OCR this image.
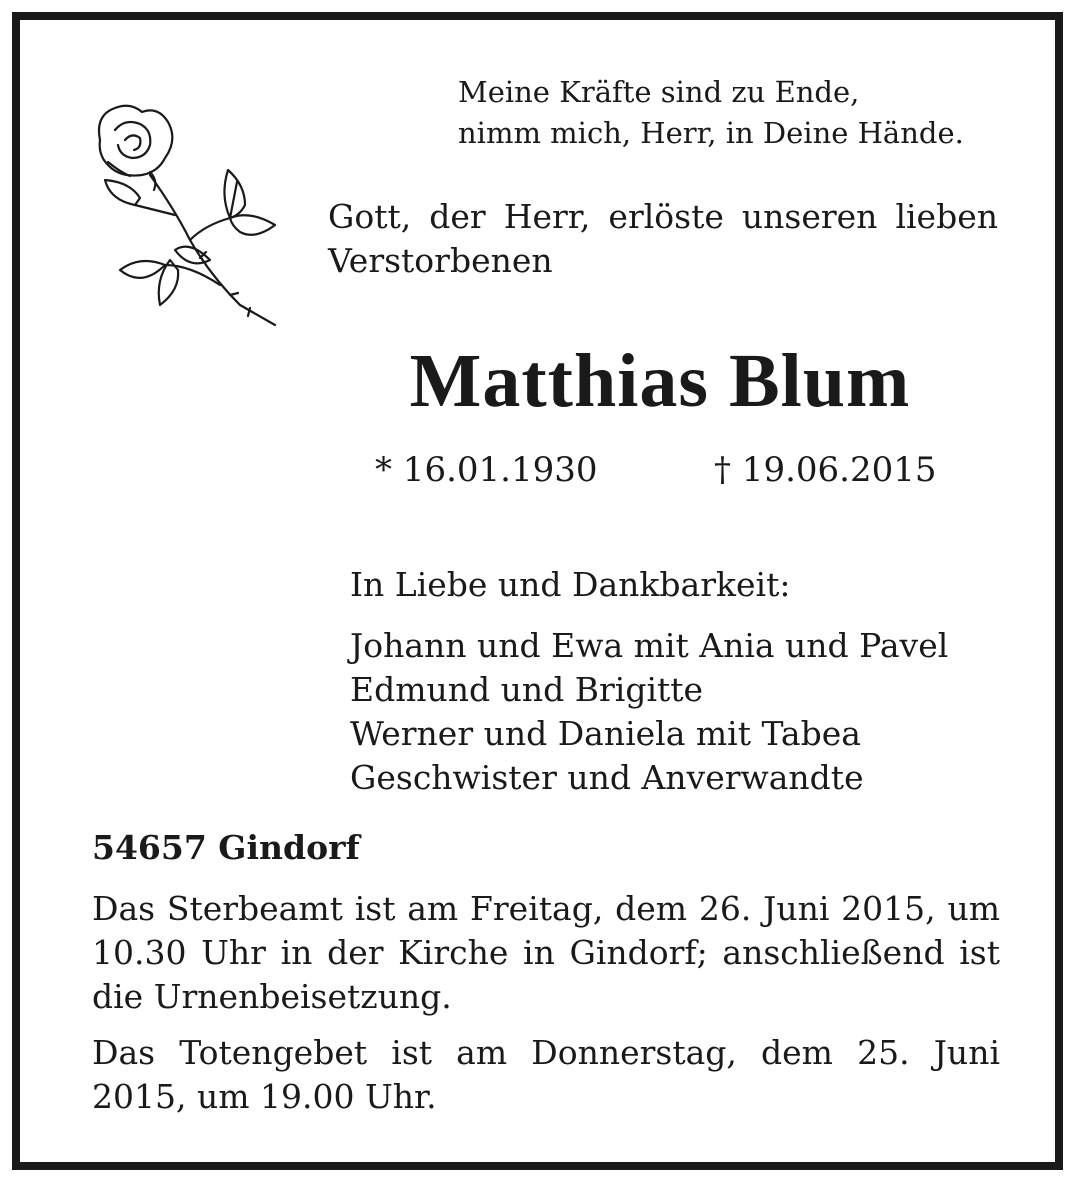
Meine Kräfte sind zu Ende,
nimm mich, Herr, in Deine Hände.
Gott, der Herr, erlöste unseren lieben Verstorbenen
Matthias Blum
* 16.01.1930	† 19.06.2015
In Liebe und Dankbarkeit:
Johann und Ewa mit Ania und Pavel
Edmund und Brigitte
Werner und Daniela mit Tabea
Geschwister und Anverwandte
54657 Gindorf
Das Sterbeamt ist am Freitag, dem 26. Juni 2015, um 10.30 Uhr in der Kirche in Gindorf; anschließend ist die Urnenbeisetzung.
Das Totengebet ist am Donnerstag, dem 25. Juni 2015, um 19.00 Uhr.
